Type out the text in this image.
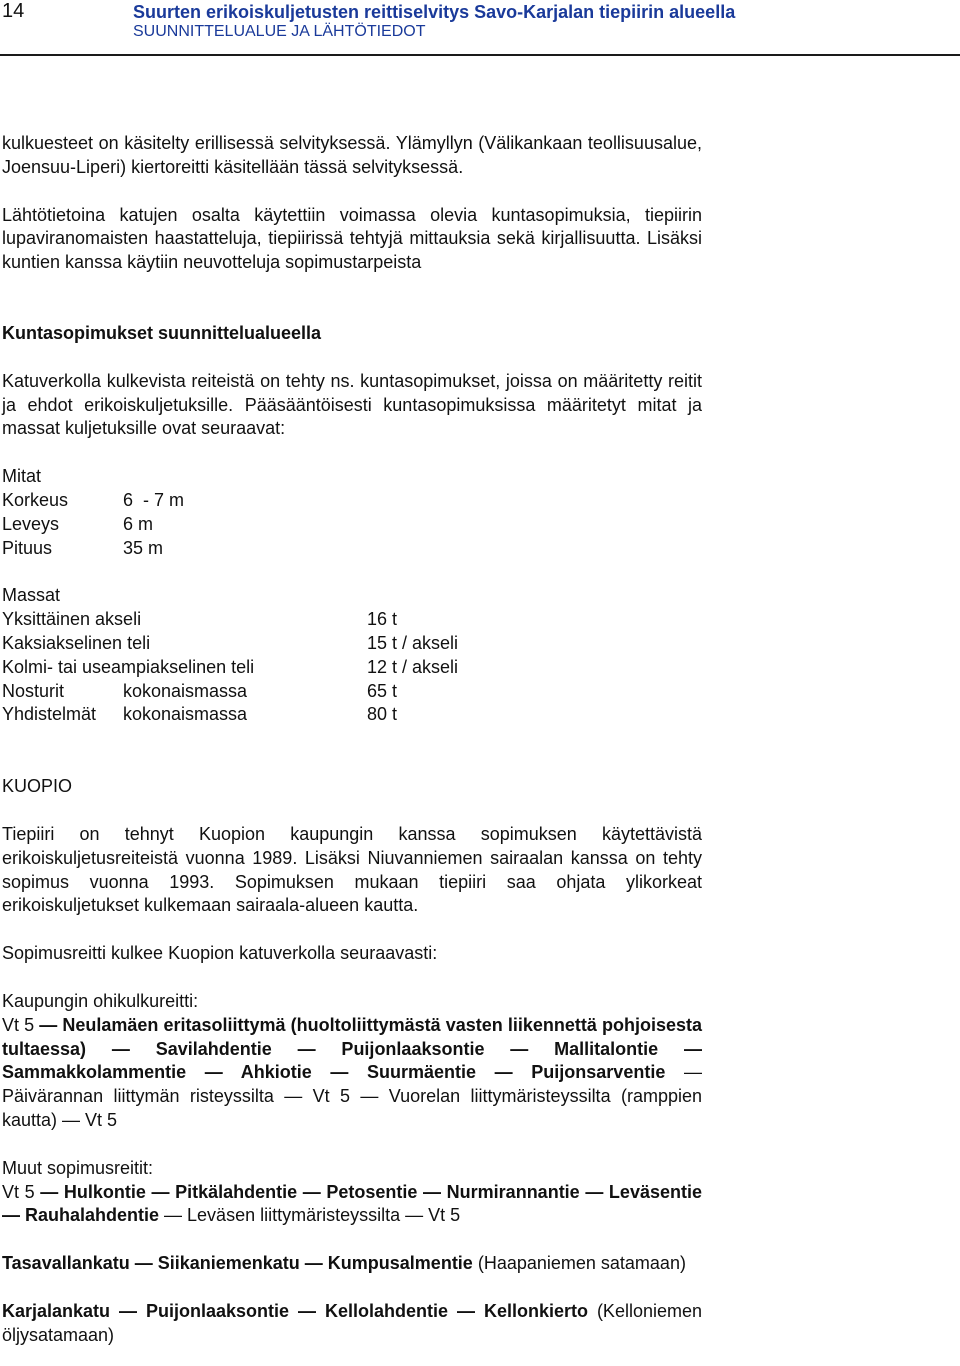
14	Suurten erikoiskuljetusten reittiselvitys Savo-Karjalan tiepiirin alueella
SUUNNITTELUALUE JA LÄHTÖTIEDOT

kulkuesteet on käsitelty erillisessä selvityksessä. Ylämyllyn (Välikankaan teollisuusalue, Joensuu-Liperi) kiertoreitti käsitellään tässä selvityksessä.

Lähtötietoina katujen osalta käytettiin voimassa olevia kuntasopimuksia, tiepiirin lupaviranomaisten haastatteluja, tiepiirissä tehtyjä mittauksia sekä kirjallisuutta. Lisäksi kuntien kanssa käytiin neuvotteluja sopimustarpeista

Kuntasopimukset suunnittelualueella

Katuverkolla kulkevista reiteistä on tehty ns. kuntasopimukset, joissa on määritetty reitit ja ehdot erikoiskuljetuksille. Pääsääntöisesti kuntasopimuksissa määritetyt mitat ja massat kuljetuksille ovat seuraavat:

Mitat

Korkeus	6  - 7 m
Leveys	6 m
Pituus	35 m

Massat

Yksittäinen akseli	16 t
Kaksiakselinen teli	15 t / akseli
Kolmi- tai useampiakselinen teli	12 t / akseli
Nosturit	kokonaismassa	65 t
Yhdistelmät kokonaismassa	80 t

KUOPIO

Tiepiiri on tehnyt Kuopion kaupungin kanssa sopimuksen käytettävistä erikoiskuljetusreiteistä vuonna 1989. Lisäksi Niuvanniemen sairaalan kanssa on tehty sopimus vuonna 1993. Sopimuksen mukaan tiepiiri saa ohjata ylikorkeat erikoiskuljetukset kulkemaan sairaala-alueen kautta.

Sopimusreitti kulkee Kuopion katuverkolla seuraavasti:

Kaupungin ohikulkureitti:

Vt 5 — Neulamäen eritasoliittymä (huoltoliittymästä vasten liikennettä pohjoisesta tultaessa) — Savilahdentie — Puijonlaaksontie — Mallitalontie — Sammakkolammentie — Ahkiotie — Suurmäentie — Puijonsarventie — Päivärannan liittymän risteyssilta — Vt 5 — Vuorelan liittymäristeyssilta (ramppien kautta) — Vt 5

Muut sopimusreitit:

Vt 5 — Hulkontie — Pitkälahdentie — Petosentie — Nurmirannantie — Leväsentie — Rauhalahdentie — Leväsen liittymäristeyssilta — Vt 5

Tasavallankatu — Siikaniemenkatu — Kumpusalmentie (Haapaniemen satamaan)

Karjalankatu — Puijonlaaksontie — Kellolahdentie — Kellonkierto (Kelloniemen öljysatamaan)
